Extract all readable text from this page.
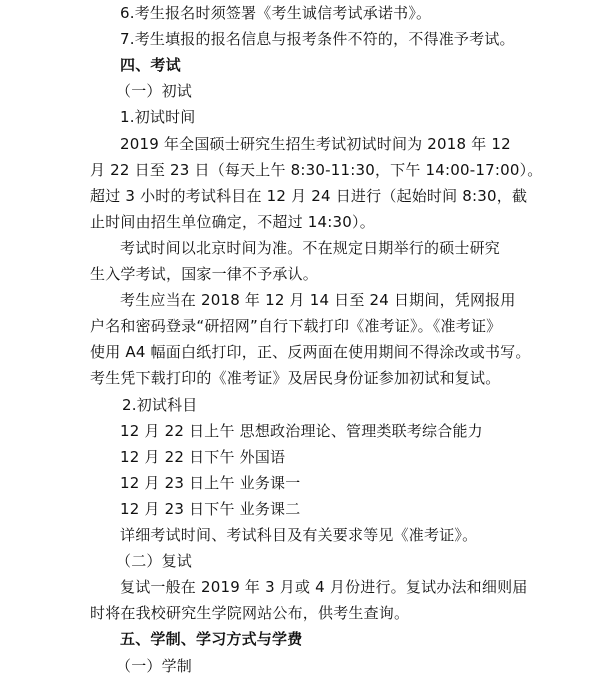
6.考生报名时须签署《考生诚信考试承诺书》。
7.考生填报的报名信息与报考条件不符的，不得准予考试。
四、考试
（一）初试
1.初试时间
2019 年全国硕士研究生招生考试初试时间为 2018 年 12
月 22 日至 23 日（每天上午 8:30-11:30，下午 14:00-17:00）。
超过 3 小时的考试科目在 12 月 24 日进行（起始时间 8:30，截
止时间由招生单位确定，不超过 14:30）。
考试时间以北京时间为准。不在规定日期举行的硕士研究
生入学考试，国家一律不予承认。
考生应当在 2018 年 12 月 14 日至 24 日期间，凭网报用
户名和密码登录“研招网”自行下载打印《准考证》。《准考证》
使用 A4 幅面白纸打印，正、反两面在使用期间不得涂改或书写。
考生凭下载打印的《准考证》及居民身份证参加初试和复试。
2.初试科目
12 月 22 日上午 思想政治理论、管理类联考综合能力
12 月 22 日下午 外国语
12 月 23 日上午 业务课一
12 月 23 日下午 业务课二
详细考试时间、考试科目及有关要求等见《准考证》。
（二）复试
复试一般在 2019 年 3 月或 4 月份进行。复试办法和细则届
时将在我校研究生学院网站公布，供考生查询。
五、学制、学习方式与学费
（一）学制
